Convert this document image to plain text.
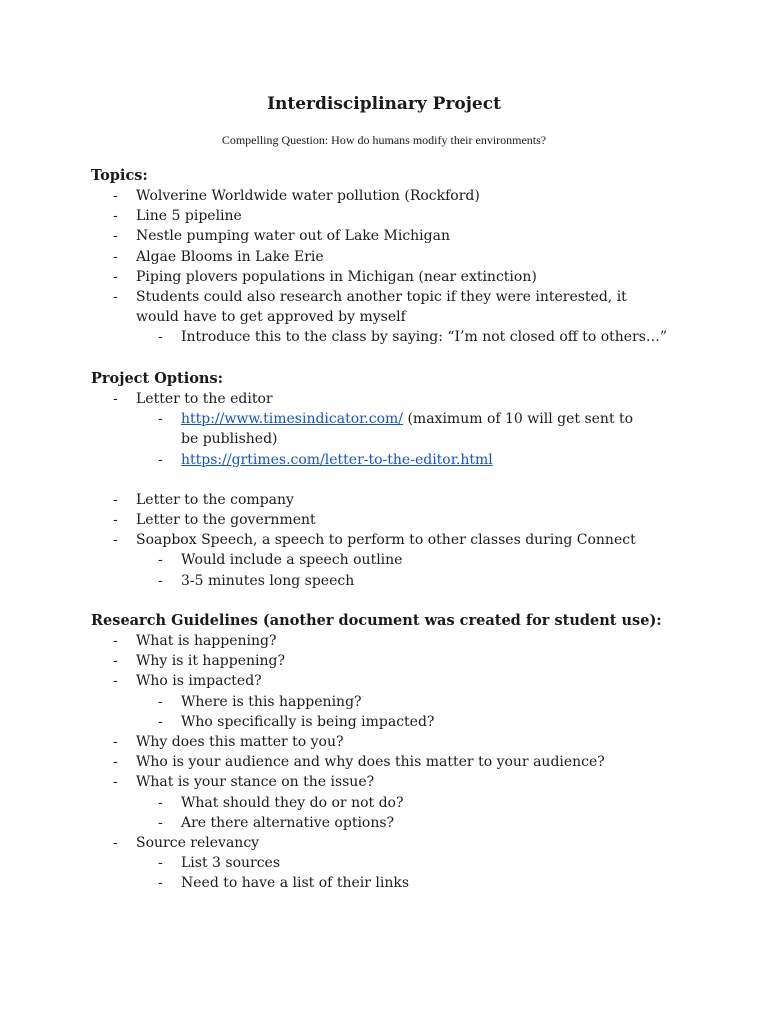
Interdisciplinary Project
Compelling Question: How do humans modify their environments?
Topics:
- Wolverine Worldwide water pollution (Rockford)
- Line 5 pipeline
- Nestle pumping water out of Lake Michigan
- Algae Blooms in Lake Erie
- Piping plovers populations in Michigan (near extinction)
- Students could also research another topic if they were interested, it would have to get approved by myself
- Introduce this to the class by saying: “I’m not closed off to others…”
Project Options:
- Letter to the editor
- http://www.timesindicator.com/ (maximum of 10 will get sent to be published)
- https://grtimes.com/letter-to-the-editor.html
- Letter to the company
- Letter to the government
- Soapbox Speech, a speech to perform to other classes during Connect
- Would include a speech outline
- 3-5 minutes long speech
Research Guidelines (another document was created for student use):
- What is happening?
- Why is it happening?
- Who is impacted?
- Where is this happening?
- Who specifically is being impacted?
- Why does this matter to you?
- Who is your audience and why does this matter to your audience?
- What is your stance on the issue?
- What should they do or not do?
- Are there alternative options?
- Source relevancy
- List 3 sources
- Need to have a list of their links
